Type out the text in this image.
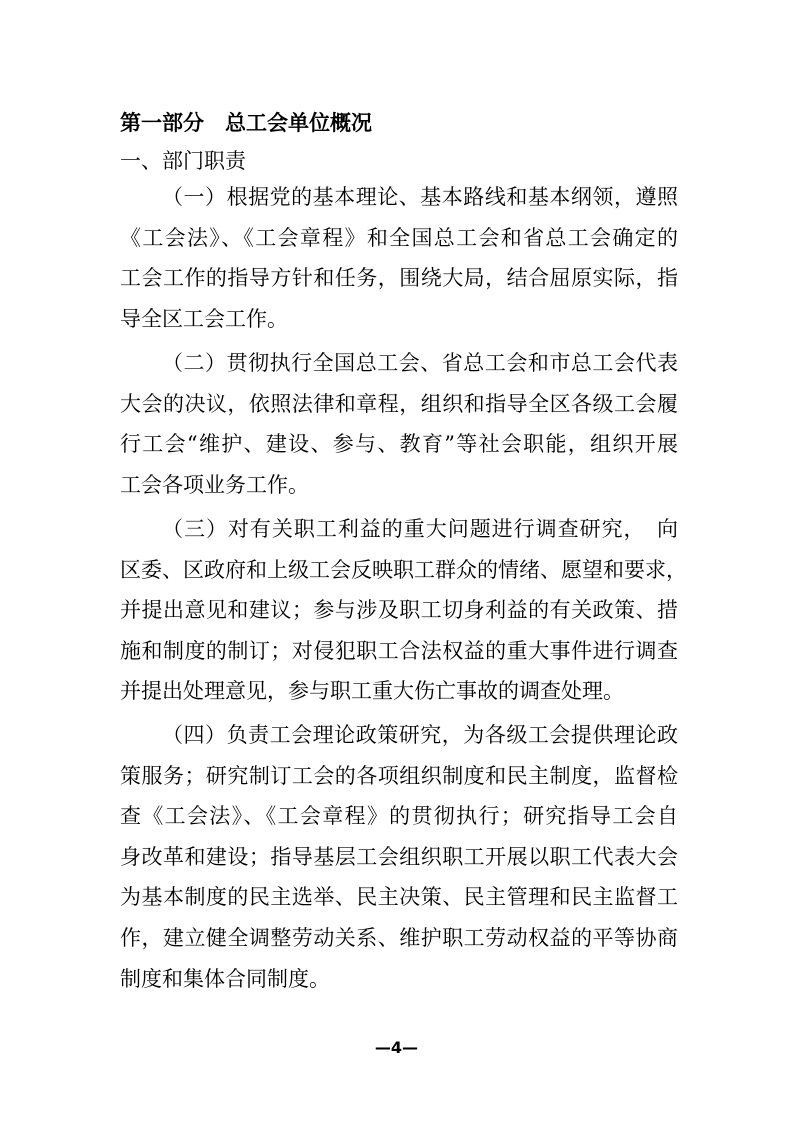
第一部分　总工会单位概况
一、部门职责
（一）根据党的基本理论、基本路线和基本纲领，遵照
《工会法》、《工会章程》和全国总工会和省总工会确定的
工会工作的指导方针和任务，围绕大局，结合屈原实际，指
导全区工会工作。
（二）贯彻执行全国总工会、省总工会和市总工会代表
大会的决议，依照法律和章程，组织和指导全区各级工会履
行工会“维护、建设、参与、教育”等社会职能，组织开展
工会各项业务工作。
（三）对有关职工利益的重大问题进行调查研究，　向
区委、区政府和上级工会反映职工群众的情绪、愿望和要求，
并提出意见和建议；参与涉及职工切身利益的有关政策、措
施和制度的制订；对侵犯职工合法权益的重大事件进行调查
并提出处理意见，参与职工重大伤亡事故的调查处理。
（四）负责工会理论政策研究，为各级工会提供理论政
策服务；研究制订工会的各项组织制度和民主制度，监督检
查《工会法》、《工会章程》的贯彻执行；研究指导工会自
身改革和建设；指导基层工会组织职工开展以职工代表大会
为基本制度的民主选举、民主决策、民主管理和民主监督工
作，建立健全调整劳动关系、维护职工劳动权益的平等协商
制度和集体合同制度。
—4—
